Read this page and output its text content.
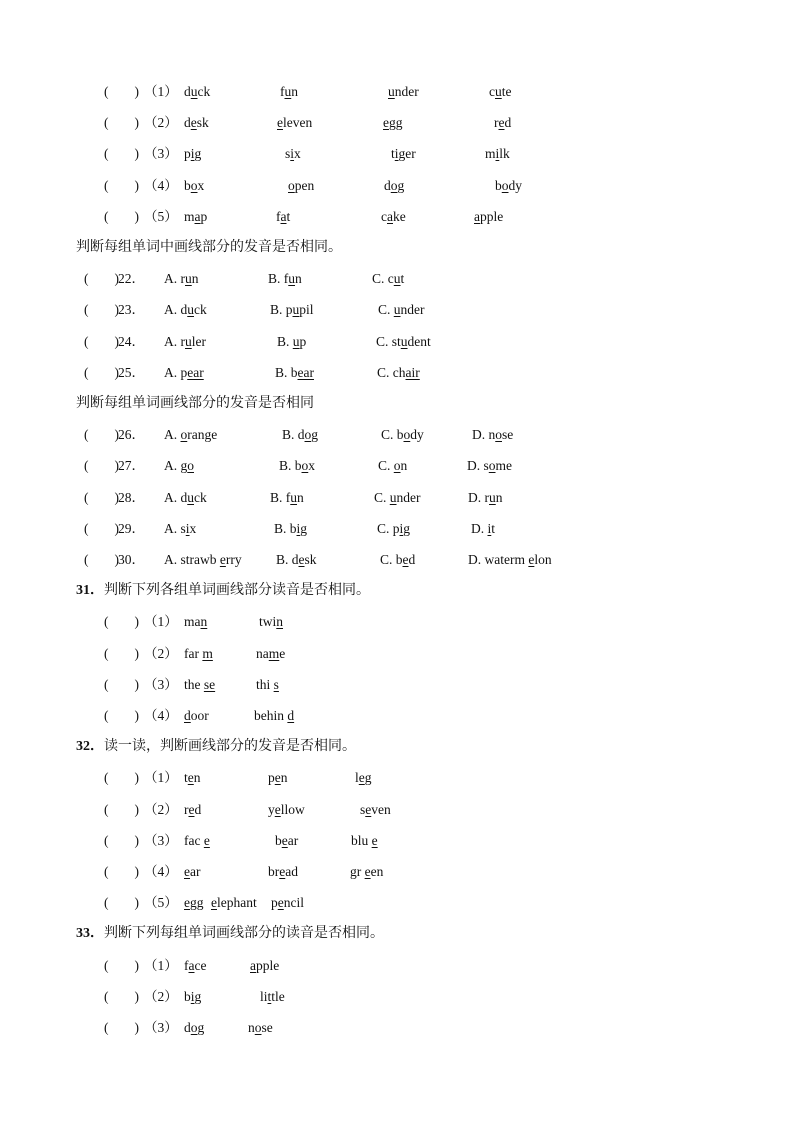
( ) （1） duck	fun	under	cute
( ) （2） desk	eleven	egg	red
( ) （3） pig	six	tiger	milk
( ) （4） box	open	dog	body
( ) （5） map	fat	cake	apple
判断每组单词中画线部分的发音是否相同。
( ) 22． A. run	B. fun	C. cut
( ) 23． A. duck	B. pupil	C. under
( ) 24． A. ruler	B. up	C. student
( ) 25． A. pear	B. bear	C. chair
判断每组单词画线部分的发音是否相同
( ) 26． A. orange	B. dog	C. body	D. nose
( ) 27． A. go	B. box	C. on	D. some
( ) 28． A. duck	B. fun	C. under	D. run
( ) 29． A. six	B. big	C. pig	D. it
( ) 30． A. strawb erry	B. desk	C. bed	D. waterm elon
31．判断下列各组单词画线部分读音是否相同。
( ) （1） man	twin
( ) （2） far m	name
( ) （3） the se	thi s
( ) （4） door	behin d
32．读一读，判断画线部分的发音是否相同。
( ) （1） ten	pen	leg
( ) （2） red	yellow	seven
( ) （3） fac e	bear	blu e
( ) （4） ear	bread	gr een
( ) （5） egg elephant pencil
33．判断下列每组单词画线部分的读音是否相同。
( ) （1） face	apple
( ) （2） big	little
( ) （3） dog	nose
